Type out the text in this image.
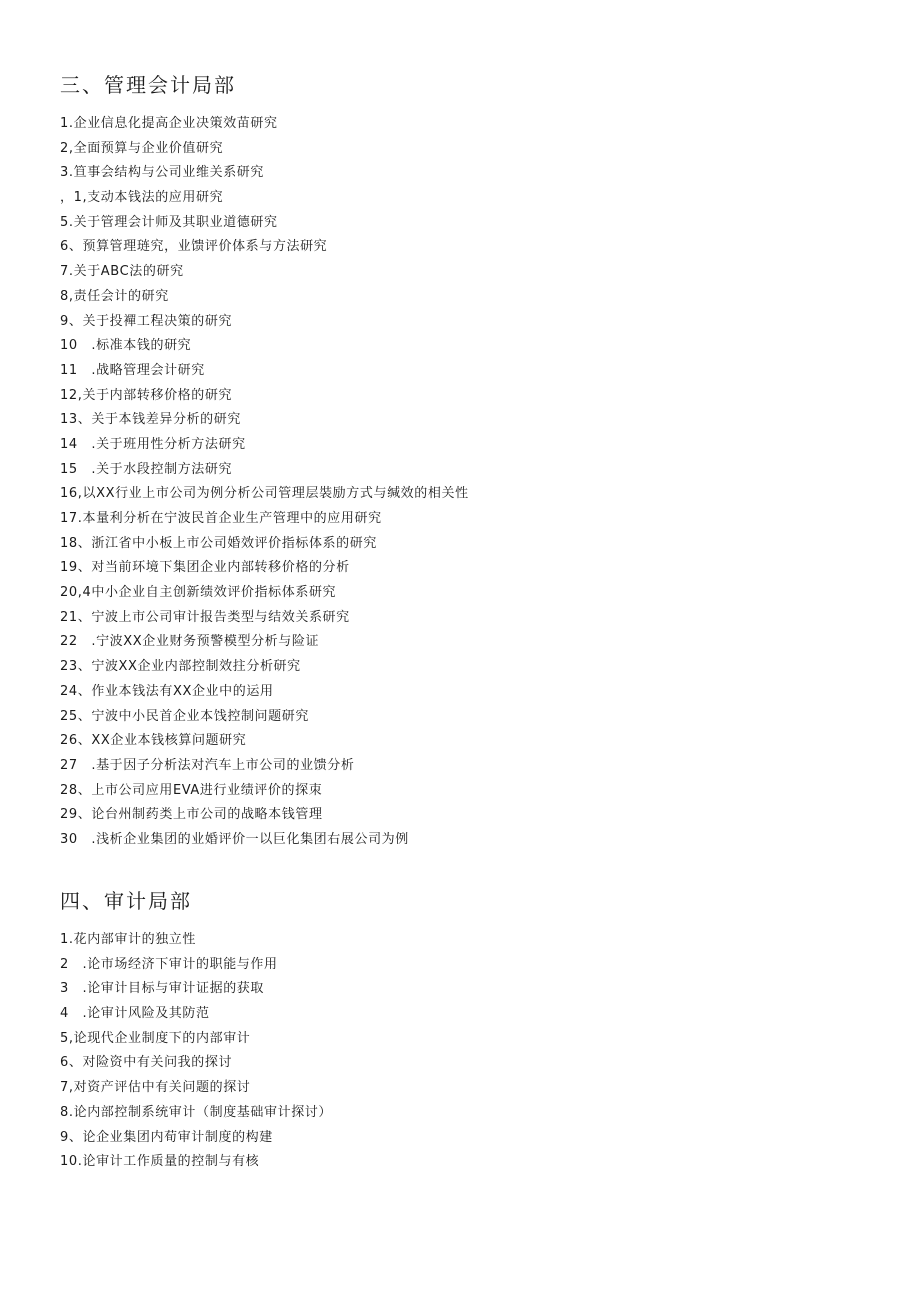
三、管理会计局部
1.企业信息化提高企业决策效苗研究
2,全面预算与企业价值研究
3.笪事会结构与公司业维关系研究
，1,支动本钱法的应用研究
5.关于管理会计师及其职业道德研究
6、预算管理琏究，业馈评价体系与方法研究
7.关于ABC法的研究
8,责任会计的研究
9、关于投襌工程决策的研究
10　.标准本钱的研究
11　.战略管理会计研究
12,关于内部转移价格的研究
13、关于本钱差异分析的研究
14　.关于班用性分析方法研究
15　.关于水段控制方法研究
16,以XX行业上市公司为例分析公司管理层裝励方式与缄效的相关性
17.本量利分析在宁波民首企业生产管理中的应用研究
18、浙江省中小板上市公司婚效评价指标体系的研究
19、对当前环境下集团企业内部转移价格的分析
20,4中小企业自主创新绩效评价指标体系研究
21、宁波上市公司审计报告类型与结效关系研究
22　.宁波XX企业财务预警模型分析与险证
23、宁波XX企业内部控制效拄分析研究
24、作业本钱法有XX企业中的运用
25、宁波中小民首企业本饯控制问题研究
26、XX企业本钱核算问题研究
27　.基于因子分析法对汽车上市公司的业馈分析
28、上市公司应用EVA进行业绩评价的探朿
29、论台州制药类上市公司的战略本钱管理
30　.浅析企业集团的业婚评价一以巨化集团右展公司为例
四、审计局部
1.花内部审计的独立性
2　.论市场经济下审计的职能与作用
3　.论审计目标与审计证据的获取
4　.论审计风险及其防范
5,论现代企业制度下的内部审计
6、对险资中有关问我的探讨
7,对资产评估中有关问题的探讨
8.论内部控制系统审计（制度基础审计探讨）
9、论企业集团内荀审计制度的构建
10.论审计工作质量的控制与有核
